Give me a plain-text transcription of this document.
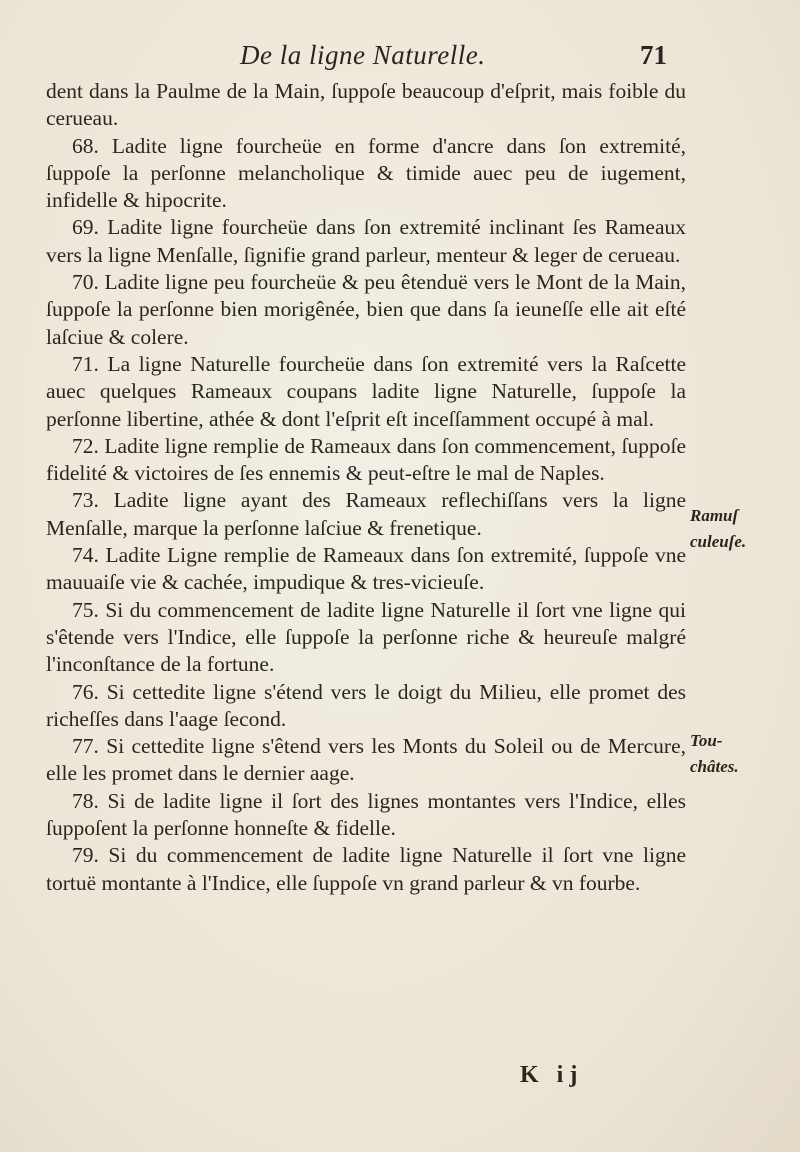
De la ligne Naturelle.	71

dent dans la Paulme de la Main, ſuppoſe beaucoup d'eſprit, mais foible du cerueau.

68. Ladite ligne fourcheüe en forme d'ancre dans ſon extremité, ſuppoſe la perſonne melancholique & timide auec peu de iugement, infidelle & hipocrite.

69. Ladite ligne fourcheüe dans ſon extremité inclinant ſes Rameaux vers la ligne Menſalle, ſignifie grand parleur, menteur & leger de cerueau.

70. Ladite ligne peu fourcheüe & peu êtenduë vers le Mont de la Main, ſuppoſe la perſonne bien morigênée, bien que dans ſa ieuneſſe elle ait eſté laſciue & colere.

71. La ligne Naturelle fourcheüe dans ſon extremité vers la Raſcette auec quelques Rameaux coupans ladite ligne Naturelle, ſuppoſe la perſonne libertine, athée & dont l'eſprit eſt inceſſamment occupé à mal.

72. Ladite ligne remplie de Rameaux dans ſon commencement, ſuppoſe fidelité & victoires de ſes ennemis & peut-eſtre le mal de Naples.

73. Ladite ligne ayant des Rameaux reflechiſſans vers la ligne Menſalle, marque la perſonne laſciue & frenetique.

74. Ladite Ligne remplie de Rameaux dans ſon extremité, ſuppoſe vne mauuaiſe vie & cachée, impudique & tres-vicieuſe.

75. Si du commencement de ladite ligne Naturelle il ſort vne ligne qui s'êtende vers l'Indice, elle ſuppoſe la perſonne riche & heureuſe malgré l'inconſtance de la fortune.

76. Si cettedite ligne s'étend vers le doigt du Milieu, elle promet des richeſſes dans l'aage ſecond.

77. Si cettedite ligne s'êtend vers les Monts du Soleil ou de Mercure, elle les promet dans le dernier aage.

78. Si de ladite ligne il ſort des lignes montantes vers l'Indice, elles ſuppoſent la perſonne honneſte & fidelle.

79. Si du commencement de ladite ligne Naturelle il ſort vne ligne tortuë montante à l'Indice, elle ſuppoſe vn grand parleur & vn fourbe.

Ramuſ
culeuſe.
Tou-
châtes.
K ij
